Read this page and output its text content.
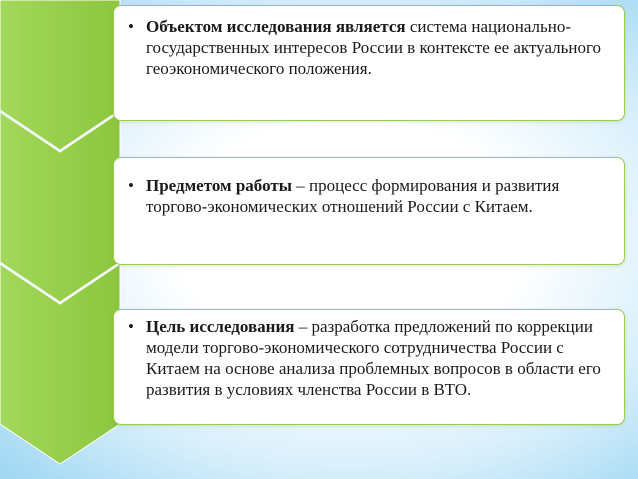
• Объектом исследования является система национально-государственных интересов России в контексте ее актуального геоэкономического положения.
• Предметом работы – процесс формирования и развития торгово-экономических отношений России с Китаем.
• Цель исследования – разработка предложений по коррекции модели торгово-экономического сотрудничества России с Китаем на основе анализа проблемных вопросов в области его развития в условиях членства России в ВТО.
